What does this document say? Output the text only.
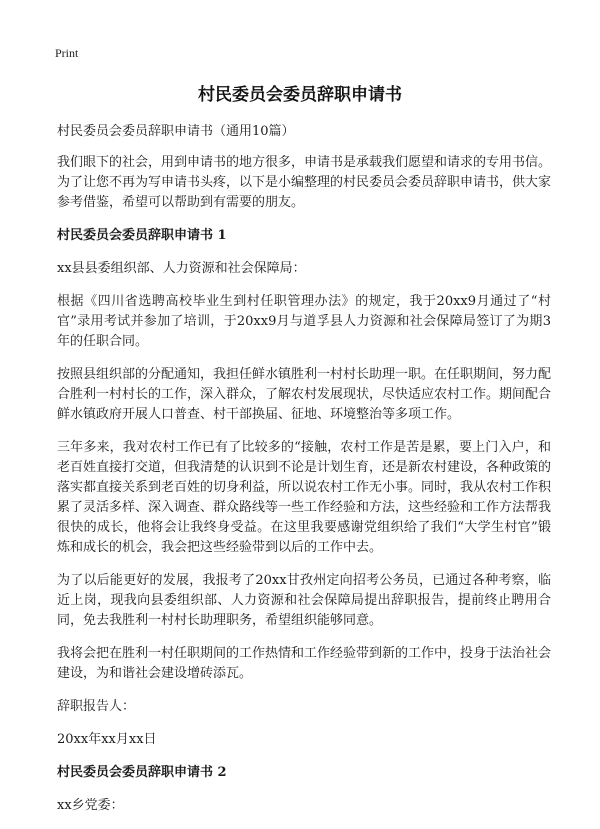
Print
村民委员会委员辞职申请书

村民委员会委员辞职申请书（通用10篇）

我们眼下的社会，用到申请书的地方很多，申请书是承载我们愿望和请求的专用书信。为了让您不再为写申请书头疼，以下是小编整理的村民委员会委员辞职申请书，供大家参考借鉴，希望可以帮助到有需要的朋友。

村民委员会委员辞职申请书 1

xx县县委组织部、人力资源和社会保障局：

根据《四川省选聘高校毕业生到村任职管理办法》的规定，我于20xx9月通过了“村官”录用考试并参加了培训，于20xx9月与道孚县人力资源和社会保障局签订了为期3年的任职合同。

按照县组织部的分配通知，我担任鲜水镇胜利一村村长助理一职。在任职期间，努力配合胜利一村村长的工作，深入群众，了解农村发展现状，尽快适应农村工作。期间配合鲜水镇政府开展人口普查、村干部换届、征地、环境整治等多项工作。

三年多来，我对农村工作已有了比较多的“接触，农村工作是苦是累，要上门入户，和老百姓直接打交道，但我清楚的认识到不论是计划生育，还是新农村建设，各种政策的落实都直接关系到老百姓的切身利益，所以说农村工作无小事。同时，我从农村工作积累了灵活多样、深入调查、群众路线等一些工作经验和方法，这些经验和工作方法帮我很快的成长，他将会让我终身受益。在这里我要感谢党组织给了我们“大学生村官”锻炼和成长的机会，我会把这些经验带到以后的工作中去。

为了以后能更好的发展，我报考了20xx甘孜州定向招考公务员，已通过各种考察，临近上岗，现我向县委组织部、人力资源和社会保障局提出辞职报告，提前终止聘用合同，免去我胜利一村村长助理职务，希望组织能够同意。

我将会把在胜利一村任职期间的工作热情和工作经验带到新的工作中，投身于法治社会建设，为和谐社会建设增砖添瓦。

辞职报告人：

20xx年xx月xx日

村民委员会委员辞职申请书 2

xx乡党委：
